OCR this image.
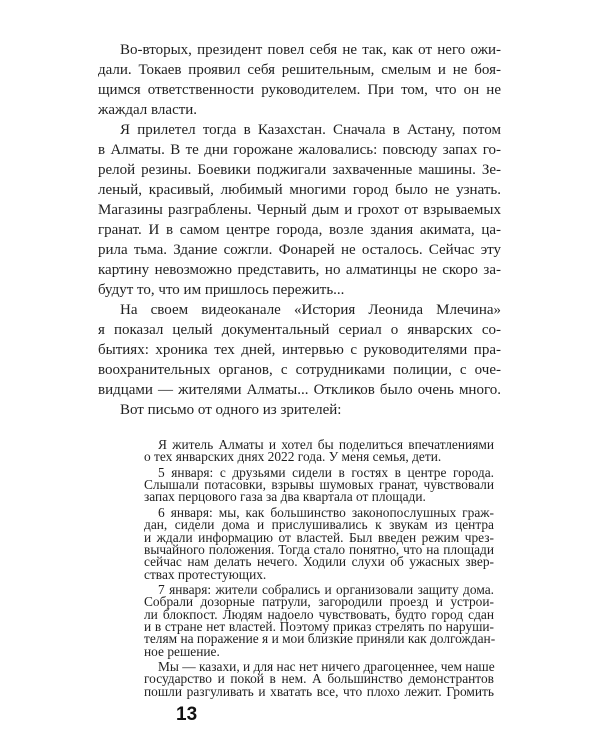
Во-вторых, президент повел себя не так, как от него ожи-
дали. Токаев проявил себя решительным, смелым и не боя-
щимся ответственности руководителем. При том, что он не
жаждал власти.
Я прилетел тогда в Казахстан. Сначала в Астану, потом
в Алматы. В те дни горожане жаловались: повсюду запах го-
релой резины. Боевики поджигали захваченные машины. Зе-
леный, красивый, любимый многими город было не узнать.
Магазины разграблены. Черный дым и грохот от взрываемых
гранат. И в самом центре города, возле здания акимата, ца-
рила тьма. Здание сожгли. Фонарей не осталось. Сейчас эту
картину невозможно представить, но алматинцы не скоро за-
будут то, что им пришлось пережить...
На своем видеоканале «История Леонида Млечина»
я показал целый документальный сериал о январских со-
бытиях: хроника тех дней, интервью с руководителями пра-
воохранительных органов, с сотрудниками полиции, с оче-
видцами — жителями Алматы... Откликов было очень много.
Вот письмо от одного из зрителей:
Я житель Алматы и хотел бы поделиться впечатлениями
о тех январских днях 2022 года. У меня семья, дети.
5 января: с друзьями сидели в гостях в центре города.
Слышали потасовки, взрывы шумовых гранат, чувствовали
запах перцового газа за два квартала от площади.
6 января: мы, как большинство законопослушных граж-
дан, сидели дома и прислушивались к звукам из центра
и ждали информацию от властей. Был введен режим чрез-
вычайного положения. Тогда стало понятно, что на площади
сейчас нам делать нечего. Ходили слухи об ужасных звер-
ствах протестующих.
7 января: жители собрались и организовали защиту дома.
Собрали дозорные патрули, загородили проезд и устрои-
ли блокпост. Людям надоело чувствовать, будто город сдан
и в стране нет властей. Поэтому приказ стрелять по наруши-
телям на поражение я и мои близкие приняли как долгождан-
ное решение.
Мы — казахи, и для нас нет ничего драгоценнее, чем наше
государство и покой в нем. А большинство демонстрантов
пошли разгуливать и хватать все, что плохо лежит. Громить
13
